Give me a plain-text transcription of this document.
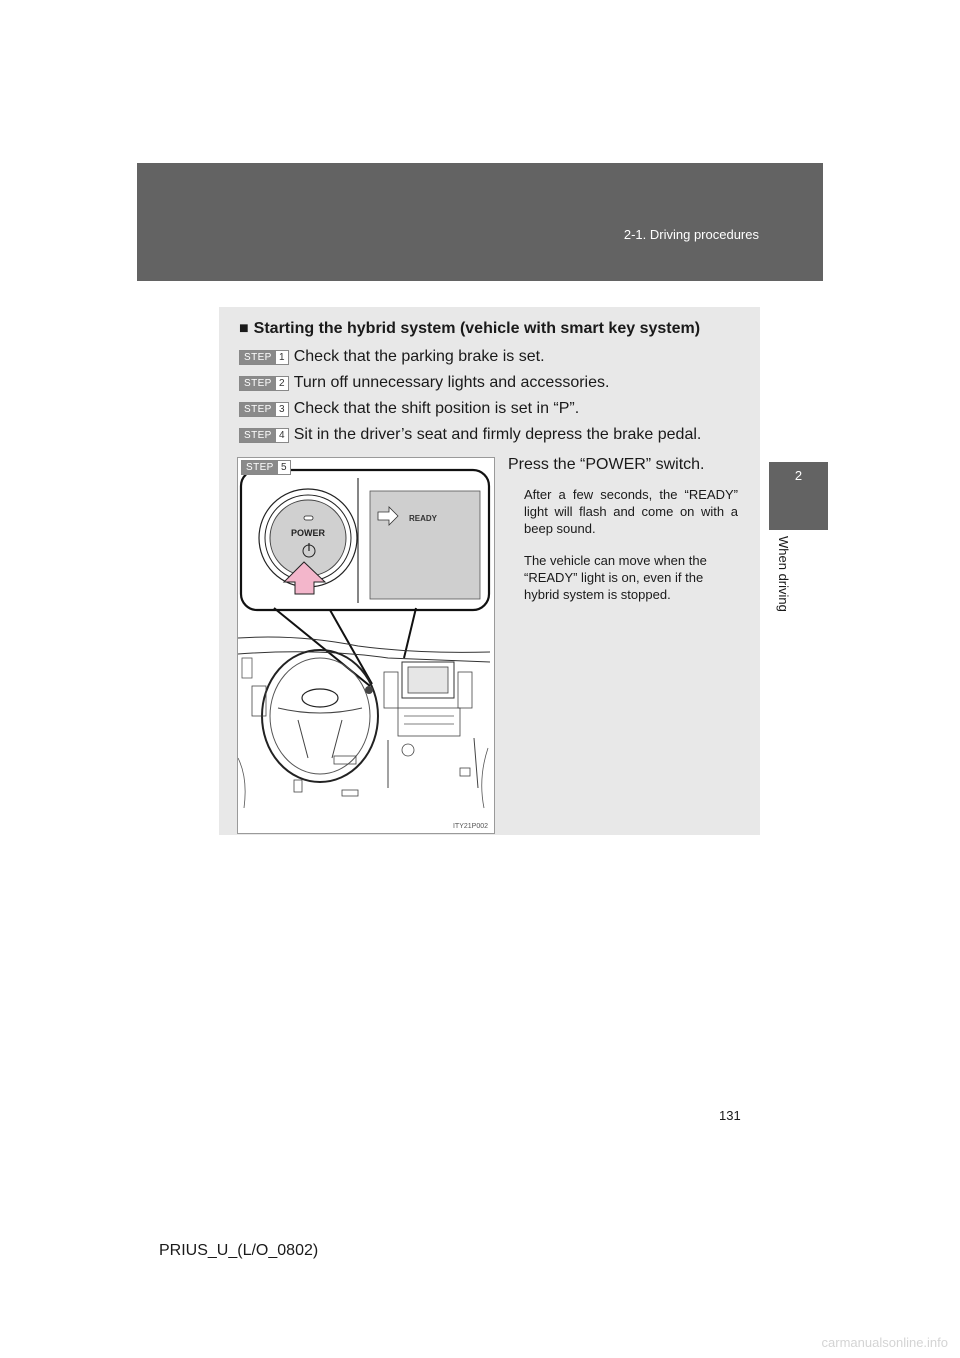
2-1. Driving procedures
2
When driving
■ Starting the hybrid system (vehicle with smart key system)
STEP 1 Check that the parking brake is set.
STEP 2 Turn off unnecessary lights and accessories.
STEP 3 Check that the shift position is set in “P”.
STEP 4 Sit in the driver’s seat and firmly depress the brake pedal.
POWER
READY
STEP 5
ITY21P002
Press the “POWER” switch.

After a few seconds, the “READY” light will flash and come on with a beep sound.

The vehicle can move when the “READY” light is on, even if the hybrid system is stopped.

131
PRIUS_U_(L/O_0802)
carmanualsonline.info
